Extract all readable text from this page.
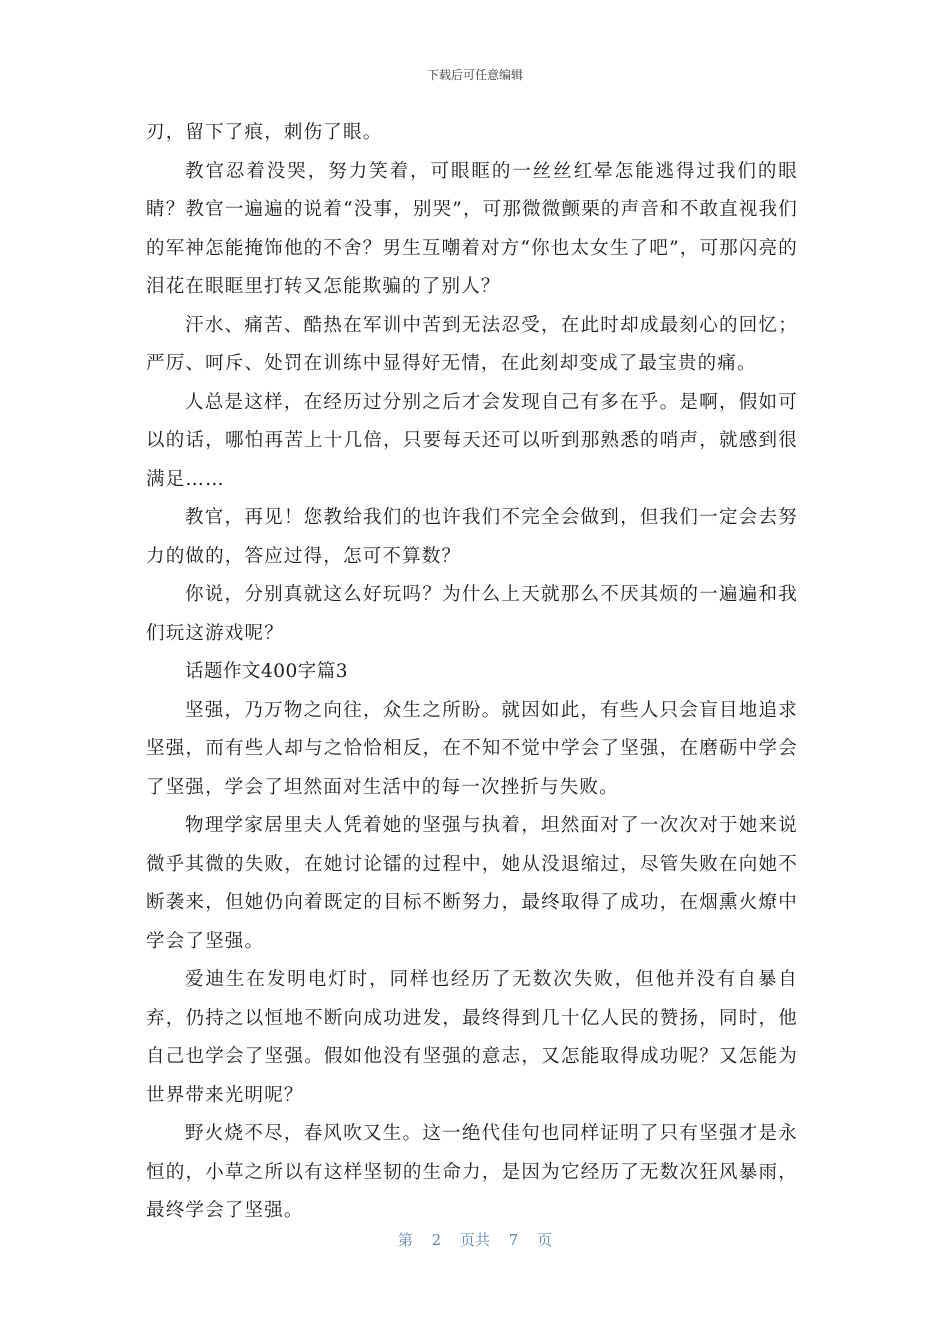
下载后可任意编辑

刃，留下了痕，刺伤了眼。

教官忍着没哭，努力笑着，可眼眶的一丝丝红晕怎能逃得过我们的眼睛？教官一遍遍的说着“没事，别哭”，可那微微颤栗的声音和不敢直视我们的军神怎能掩饰他的不舍？男生互嘲着对方“你也太女生了吧”，可那闪亮的泪花在眼眶里打转又怎能欺骗的了别人？

汗水、痛苦、酷热在军训中苦到无法忍受，在此时却成最刻心的回忆；严厉、呵斥、处罚在训练中显得好无情，在此刻却变成了最宝贵的痛。

人总是这样，在经历过分别之后才会发现自己有多在乎。是啊，假如可以的话，哪怕再苦上十几倍，只要每天还可以听到那熟悉的哨声，就感到很满足……

教官，再见！您教给我们的也许我们不完全会做到，但我们一定会去努力的做的，答应过得，怎可不算数？

你说，分别真就这么好玩吗？为什么上天就那么不厌其烦的一遍遍和我们玩这游戏呢？

话题作文400字篇3

坚强，乃万物之向往，众生之所盼。就因如此，有些人只会盲目地追求坚强，而有些人却与之恰恰相反，在不知不觉中学会了坚强，在磨砺中学会了坚强，学会了坦然面对生活中的每一次挫折与失败。

物理学家居里夫人凭着她的坚强与执着，坦然面对了一次次对于她来说微乎其微的失败，在她讨论镭的过程中，她从没退缩过，尽管失败在向她不断袭来，但她仍向着既定的目标不断努力，最终取得了成功，在烟熏火燎中学会了坚强。

爱迪生在发明电灯时，同样也经历了无数次失败，但他并没有自暴自弃，仍持之以恒地不断向成功进发，最终得到几十亿人民的赞扬，同时，他自己也学会了坚强。假如他没有坚强的意志，又怎能取得成功呢？又怎能为世界带来光明呢？

野火烧不尽，春风吹又生。这一绝代佳句也同样证明了只有坚强才是永恒的，小草之所以有这样坚韧的生命力，是因为它经历了无数次狂风暴雨，最终学会了坚强。

第 2 页共 7 页
